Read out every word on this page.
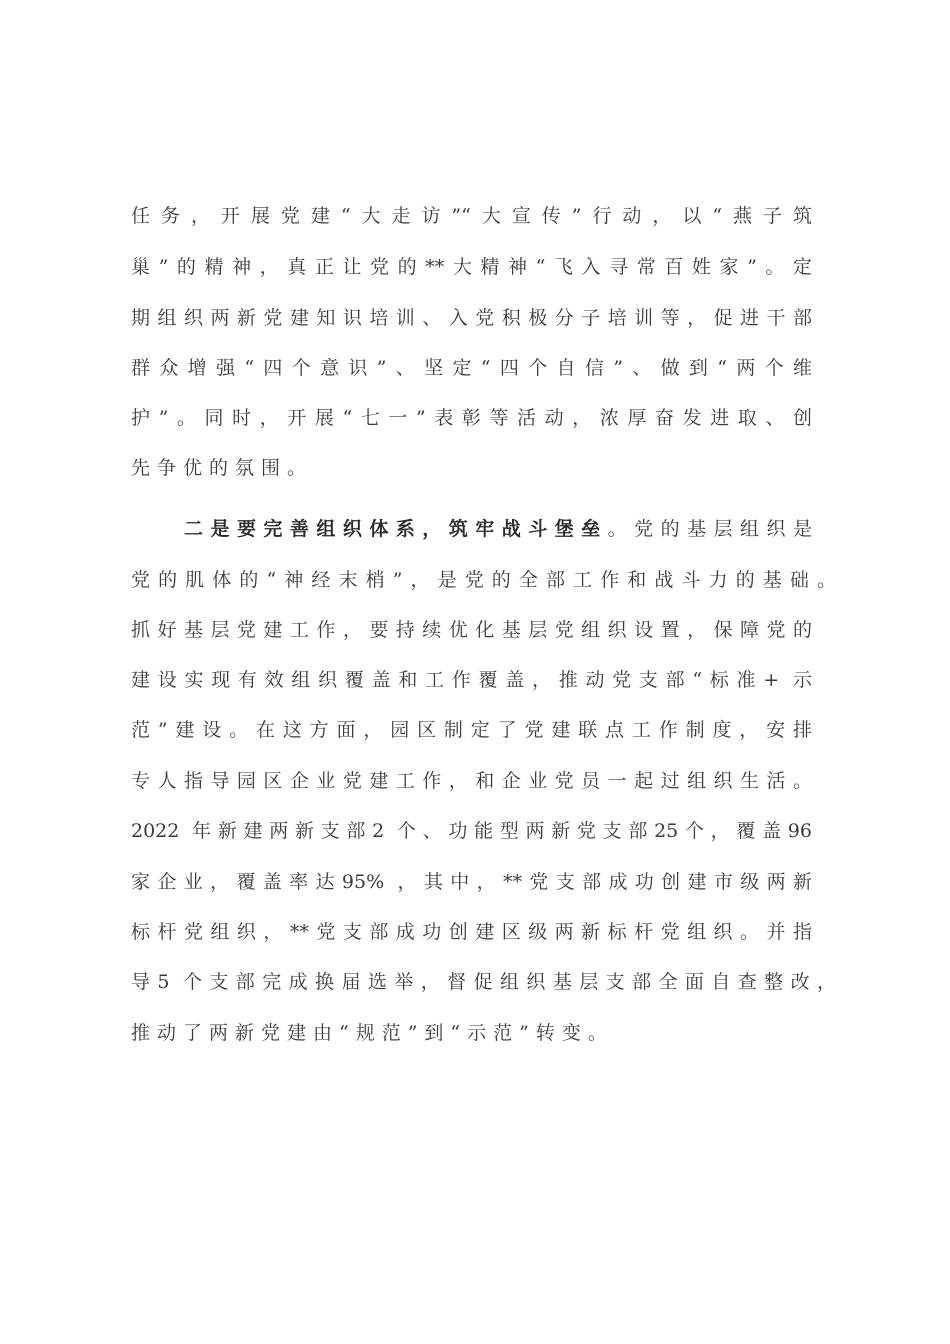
任务，开展党建“大走访”“大宣传”行动，以“燕子筑
巢”的精神，真正让党的**大精神“飞入寻常百姓家”。定
期组织两新党建知识培训、入党积极分子培训等，促进干部
群众增强“四个意识”、坚定“四个自信”、做到“两个维
护”。同时，开展“七一”表彰等活动，浓厚奋发进取、创
先争优的氛围。
二是要完善组织体系，筑牢战斗堡垒。党的基层组织是
党的肌体的“神经末梢”，是党的全部工作和战斗力的基础。
抓好基层党建工作，要持续优化基层党组织设置，保障党的
建设实现有效组织覆盖和工作覆盖，推动党支部“标准+ 示
范”建设。在这方面，园区制定了党建联点工作制度，安排
专人指导园区企业党建工作，和企业党员一起过组织生活。
2022 年新建两新支部2 个、功能型两新党支部25个，覆盖96
家企业，覆盖率达95% ，其中，**党支部成功创建市级两新
标杆党组织，**党支部成功创建区级两新标杆党组织。并指
导5 个支部完成换届选举，督促组织基层支部全面自查整改，
推动了两新党建由“规范”到“示范”转变。
